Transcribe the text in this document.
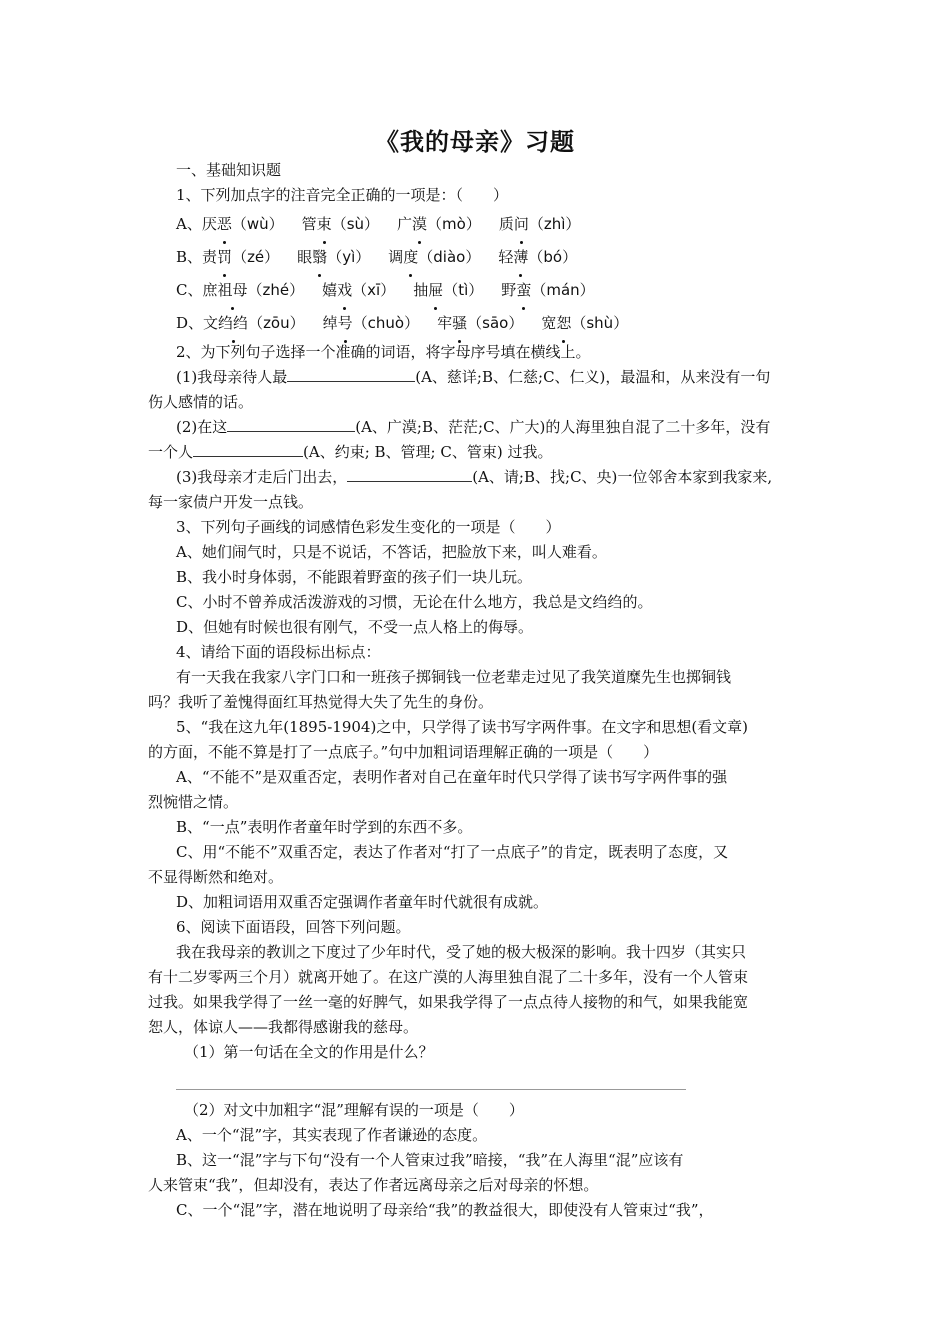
《我的母亲》习题
一、基础知识题
1、下列加点字的注音完全正确的一项是：（　　）
A、 厌恶（wù） 管束（sù） 广漠（mò） 质问（zhì）
B、 责罚（zé） 眼翳（yì） 调度（diào） 轻薄（bó）
C、 庶祖母（zhé） 嬉戏（xī） 抽屉（tì） 野蛮（mán）
D、 文绉绉（zōu） 绰号（chuò） 牢骚（sāo） 宽恕（shù）
2、为下列句子选择一个准确的词语，将字母序号填在横线上。
(1)我母亲待人最	(A、慈详;B、仁慈;C、仁义)，最温和，从来没有一句
伤人感情的话。
(2)在这	(A、广漠;B、茫茫;C、广大)的人海里独自混了二十多年，没有
一个人	(A、约束; B、管理; C、管束) 过我。
(3)我母亲才走后门出去，	(A、请;B、找;C、央)一位邻舍本家到我家来,
每一家债户开发一点钱。
3、下列句子画线的词感情色彩发生变化的一项是（　　）
A、她们闹气时，只是不说话，不答话，把脸放下来，叫人难看。
B、我小时身体弱，不能跟着野蛮的孩子们一块儿玩。
C、小时不曾养成活泼游戏的习惯，无论在什么地方，我总是文绉绉的。
D、但她有时候也很有刚气，不受一点人格上的侮辱。
4、请给下面的语段标出标点：
有一天我在我家八字门口和一班孩子掷铜钱一位老辈走过见了我笑道糜先生也掷铜钱
吗？我听了羞愧得面红耳热觉得大失了先生的身份。
5、“我在这九年(1895-1904)之中，只学得了读书写字两件事。在文字和思想(看文章)
的方面，不能不算是打了一点底子。”句中加粗词语理解正确的一项是（　　）
A、“不能不”是双重否定，表明作者对自己在童年时代只学得了读书写字两件事的强
烈惋惜之情。
B、“一点”表明作者童年时学到的东西不多。
C、用“不能不”双重否定，表达了作者对“打了一点底子”的肯定，既表明了态度，又
不显得断然和绝对。
D、加粗词语用双重否定强调作者童年时代就很有成就。
6、阅读下面语段，回答下列问题。
我在我母亲的教训之下度过了少年时代，受了她的极大极深的影响。我十四岁（其实只
有十二岁零两三个月）就离开她了。在这广漠的人海里独自混了二十多年，没有一个人管束
过我。如果我学得了一丝一毫的好脾气，如果我学得了一点点待人接物的和气，如果我能宽
恕人，体谅人——我都得感谢我的慈母。
（1）第一句话在全文的作用是什么？
（2）对文中加粗字“混”理解有误的一项是（　　）
A、一个“混”字，其实表现了作者谦逊的态度。
B、这一“混”字与下句“没有一个人管束过我”暗接，“我”在人海里“混”应该有
人来管束“我”，但却没有，表达了作者远离母亲之后对母亲的怀想。
C、一个“混”字，潜在地说明了母亲给“我”的教益很大，即使没有人管束过“我”，
